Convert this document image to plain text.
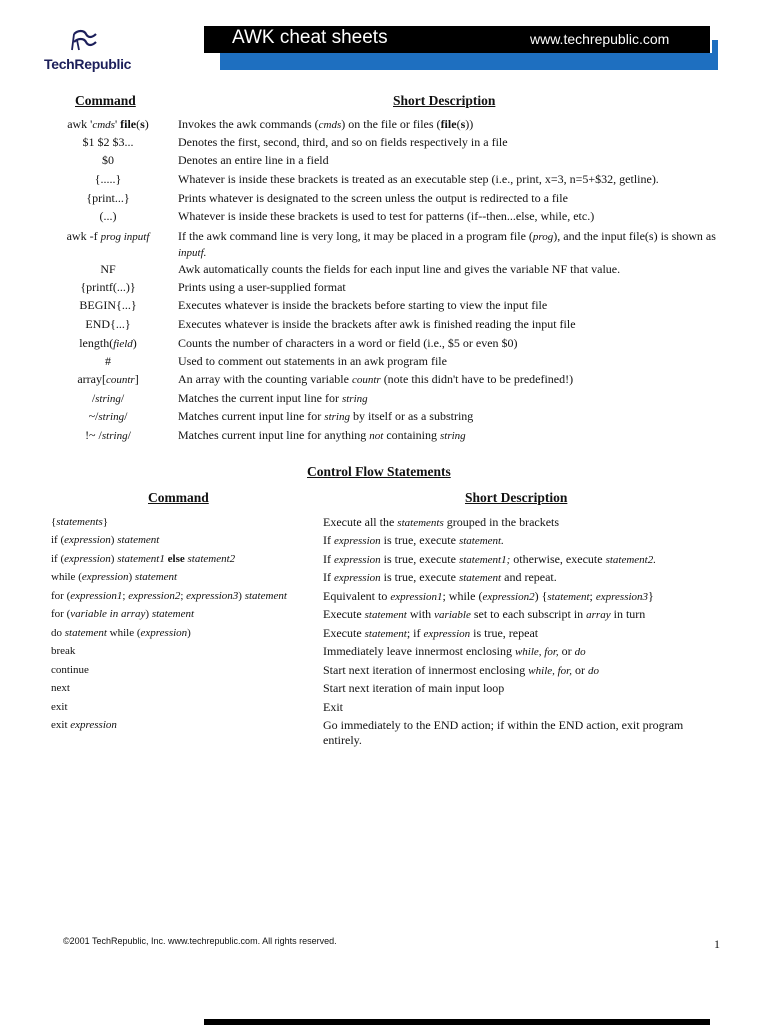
TechRepublic
AWK cheat sheets	www.techrepublic.com
Command	Short Description
awk 'cmds' file(s)	Invokes the awk commands (cmds) on the file or files (file(s))
$1 $2 $3...	Denotes the first, second, third, and so on fields respectively in a file
$0	Denotes an entire line in a field
{.....}	Whatever is inside these brackets is treated as an executable step (i.e., print, x=3, n=5+$32, getline).
{print...}	Prints whatever is designated to the screen unless the output is redirected to a file
(...)	Whatever is inside these brackets is used to test for patterns (if--then...else, while, etc.)
awk -f prog inputf	If the awk command line is very long, it may be placed in a program file (prog), and the input file(s) is shown as inputf.
NF	Awk automatically counts the fields for each input line and gives the variable NF that value.
{printf(...)}	Prints using a user-supplied format
BEGIN{...}	Executes whatever is inside the brackets before starting to view the input file
END{...}	Executes whatever is inside the brackets after awk is finished reading the input file
length(field)	Counts the number of characters in a word or field (i.e., $5 or even $0)
#	Used to comment out statements in an awk program file
array[countr]	An array with the counting variable countr (note this didn't have to be predefined!)
/string/	Matches the current input line for string
~/string/	Matches current input line for string by itself or as a substring
!~ /string/	Matches current input line for anything not containing string
Control Flow Statements
Command	Short Description
{statements}	Execute all the statements grouped in the brackets
if (expression) statement	If expression is true, execute statement.
if (expression) statement1 else statement2	If expression is true, execute statement1; otherwise, execute statement2.
while (expression) statement	If expression is true, execute statement and repeat.
for (expression1; expression2; expression3) statement	Equivalent to expression1; while (expression2) {statement; expression3}
for (variable in array) statement	Execute statement with variable set to each subscript in array in turn
do statement while (expression)	Execute statement; if expression is true, repeat
break	Immediately leave innermost enclosing while, for, or do
continue	Start next iteration of innermost enclosing while, for, or do
next	Start next iteration of main input loop
exit	Exit
exit expression	Go immediately to the END action; if within the END action, exit program entirely.
©2001 TechRepublic, Inc. www.techrepublic.com. All rights reserved.	1
